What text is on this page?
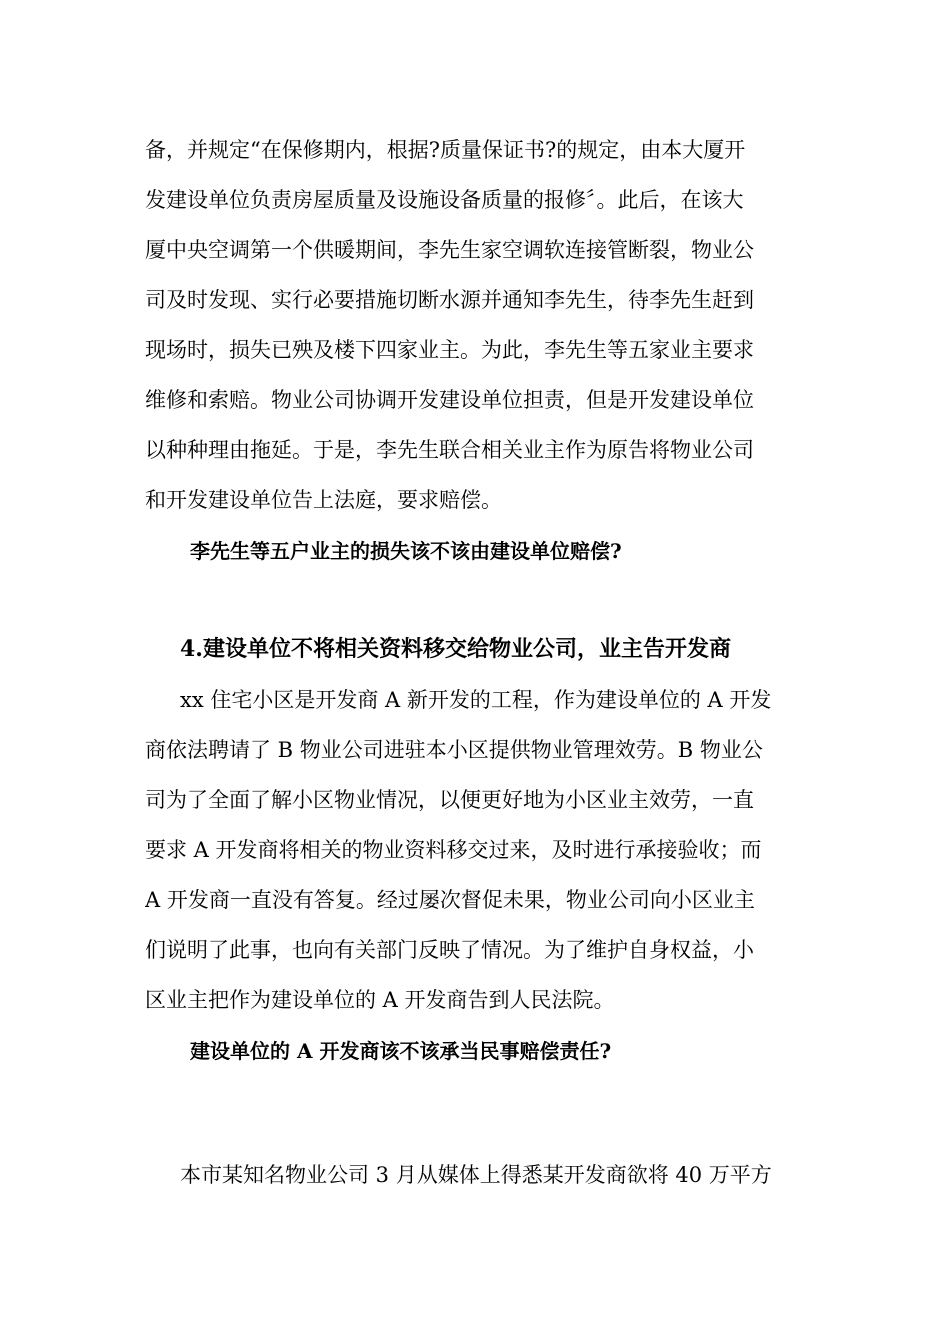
备，并规定“在保修期内，根据?质量保证书?的规定，由本大厦开
发建设单位负责房屋质量及设施设备质量的报修〞。此后，在该大
厦中央空调第一个供暖期间，李先生家空调软连接管断裂，物业公
司及时发现、实行必要措施切断水源并通知李先生，待李先生赶到
现场时，损失已殃及楼下四家业主。为此，李先生等五家业主要求
维修和索赔。物业公司协调开发建设单位担责，但是开发建设单位
以种种理由拖延。于是，李先生联合相关业主作为原告将物业公司
和开发建设单位告上法庭，要求赔偿。
李先生等五户业主的损失该不该由建设单位赔偿?
4.建设单位不将相关资料移交给物业公司，业主告开发商
xx 住宅小区是开发商 A 新开发的工程，作为建设单位的 A 开发
商依法聘请了 B 物业公司进驻本小区提供物业管理效劳。B 物业公
司为了全面了解小区物业情况，以便更好地为小区业主效劳，一直
要求 A 开发商将相关的物业资料移交过来，及时进行承接验收；而
A 开发商一直没有答复。经过屡次督促未果，物业公司向小区业主
们说明了此事，也向有关部门反映了情况。为了维护自身权益，小
区业主把作为建设单位的 A 开发商告到人民法院。
建设单位的 A 开发商该不该承当民事赔偿责任?
本市某知名物业公司 3 月从媒体上得悉某开发商欲将 40 万平方
